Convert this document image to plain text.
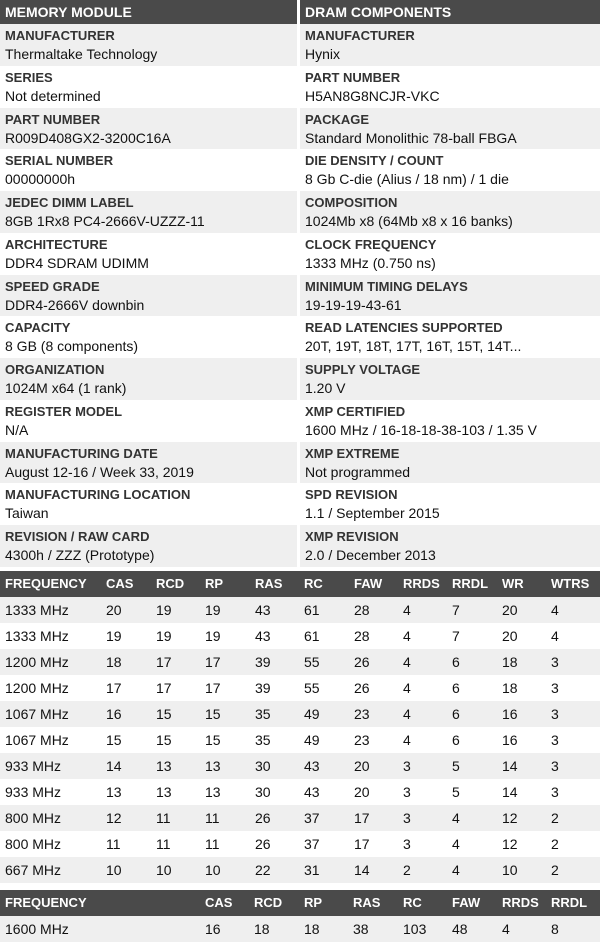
MEMORY MODULE	DRAM COMPONENTS
MANUFACTURER
Thermaltake Technology
SERIES
Not determined
PART NUMBER
R009D408GX2-3200C16A
SERIAL NUMBER
00000000h
JEDEC DIMM LABEL
8GB 1Rx8 PC4-2666V-UZZZ-11
ARCHITECTURE
DDR4 SDRAM UDIMM
SPEED GRADE
DDR4-2666V downbin
CAPACITY
8 GB (8 components)
ORGANIZATION
1024M x64 (1 rank)
REGISTER MODEL
N/A
MANUFACTURING DATE
August 12-16 / Week 33, 2019
MANUFACTURING LOCATION
Taiwan
REVISION / RAW CARD
4300h / ZZZ (Prototype)
MANUFACTURER
Hynix
PART NUMBER
H5AN8G8NCJR-VKC
PACKAGE
Standard Monolithic 78-ball FBGA
DIE DENSITY / COUNT
8 Gb C-die (Alius / 18 nm) / 1 die
COMPOSITION
1024Mb x8 (64Mb x8 x 16 banks)
CLOCK FREQUENCY
1333 MHz (0.750 ns)
MINIMUM TIMING DELAYS
19-19-19-43-61
READ LATENCIES SUPPORTED
20T, 19T, 18T, 17T, 16T, 15T, 14T...
SUPPLY VOLTAGE
1.20 V
XMP CERTIFIED
1600 MHz / 16-18-18-38-103 / 1.35 V
XMP EXTREME
Not programmed
SPD REVISION
1.1 / September 2015
XMP REVISION
2.0 / December 2013
FREQUENCY CAS RCD RP RAS RC FAW RRDS RRDL WR WTRS
1333 MHz	20 19 19 43 61 28 4	7	20 4
1333 MHz	19 19 19 43 61 28 4	7	20 4
1200 MHz	18 17 17 39 55 26 4	6	18 3
1200 MHz	17 17 17 39 55 26 4	6	18 3
1067 MHz	16 15 15 35 49 23 4	6	16 3
1067 MHz	15 15 15 35 49 23 4	6	16 3
933 MHz	14 13 13 30 43 20 3	5	14 3
933 MHz	13 13 13 30 43 20 3	5	14 3
800 MHz	12 11 11	26 37 17 3	4	12 2
800 MHz	11	11 11	26 37 17 3	4	12 2
667 MHz	10 10 10 22 31 14 2	4	10 2
FREQUENCY	CAS RCD RP RAS RC FAW RRDS RRDL
1600 MHz	16 18 18 38 103 48 4	8
